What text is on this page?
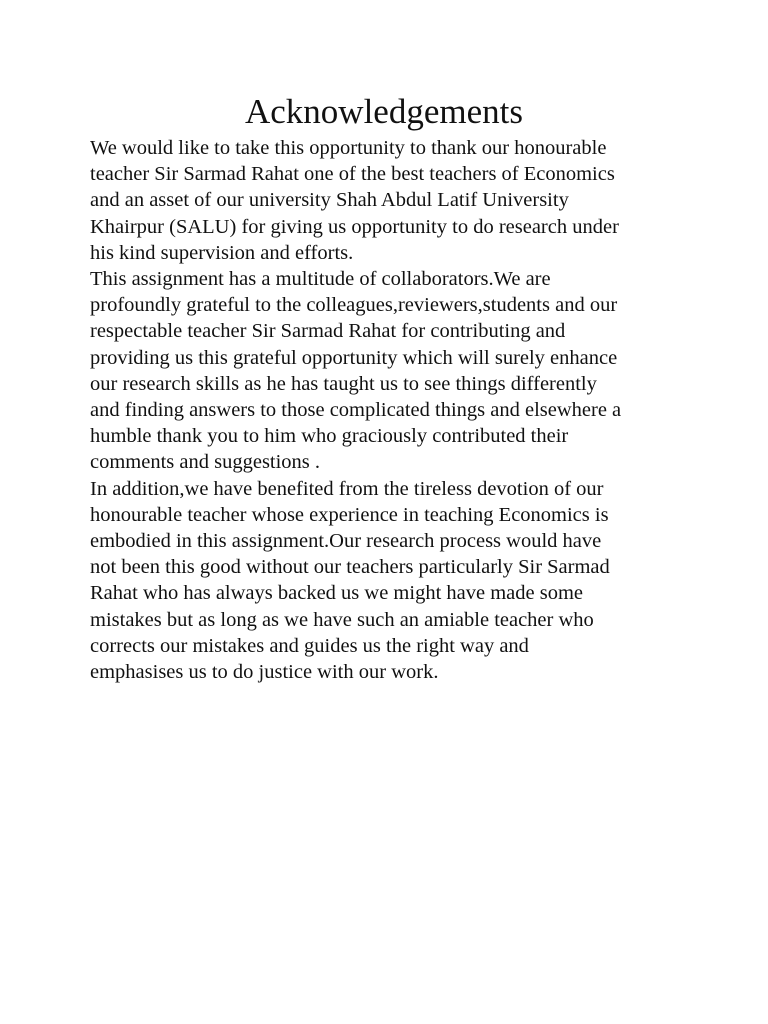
Acknowledgements
We would like to take this opportunity to thank our honourable
teacher Sir Sarmad Rahat one of the best teachers of Economics
and an asset of our university Shah Abdul Latif University
Khairpur (SALU) for giving us opportunity to do research under
his kind supervision and efforts.
This assignment has a multitude of collaborators.We are
profoundly grateful to the colleagues,reviewers,students and our
respectable teacher Sir Sarmad Rahat for contributing and
providing us this grateful opportunity which will surely enhance
our research skills as he has taught us to see things differently
and finding answers to those complicated things and elsewhere a
humble thank you to him who graciously contributed their
comments and suggestions .
In addition,we have benefited from the tireless devotion of our
honourable teacher whose experience in teaching Economics is
embodied in this assignment.Our research process would have
not been this good without our teachers particularly Sir Sarmad
Rahat who has always backed us we might have made some
mistakes but as long as we have such an amiable teacher who
corrects our mistakes and guides us the right way and
emphasises us to do justice with our work.
